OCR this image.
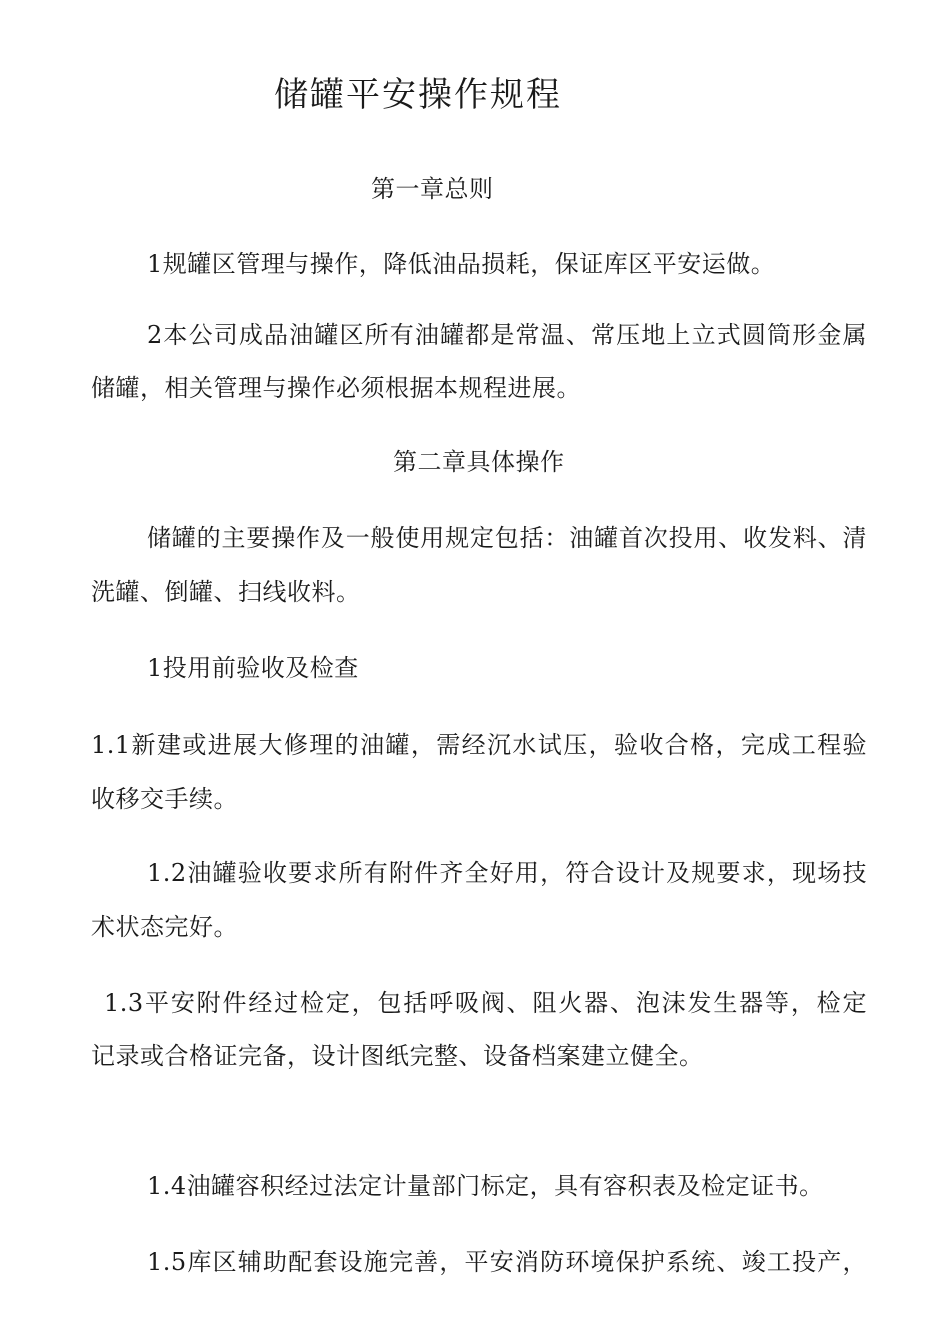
储罐平安操作规程
第一章总则
1规罐区管理与操作，降低油品损耗，保证库区平安运做。
2本公司成品油罐区所有油罐都是常温、常压地上立式圆筒形金属
储罐，相关管理与操作必须根据本规程进展。
第二章具体操作
储罐的主要操作及一般使用规定包括：油罐首次投用、收发料、清
洗罐、倒罐、扫线收料。
1投用前验收及检查
1.1新建或进展大修理的油罐，需经沉水试压，验收合格，完成工程验
收移交手续。
1.2油罐验收要求所有附件齐全好用，符合设计及规要求，现场技
术状态完好。
1.3平安附件经过检定，包括呼吸阀、阻火器、泡沫发生器等，检定
记录或合格证完备，设计图纸完整、设备档案建立健全。
1.4油罐容积经过法定计量部门标定，具有容积表及检定证书。
1.5库区辅助配套设施完善，平安消防环境保护系统、竣工投产，
